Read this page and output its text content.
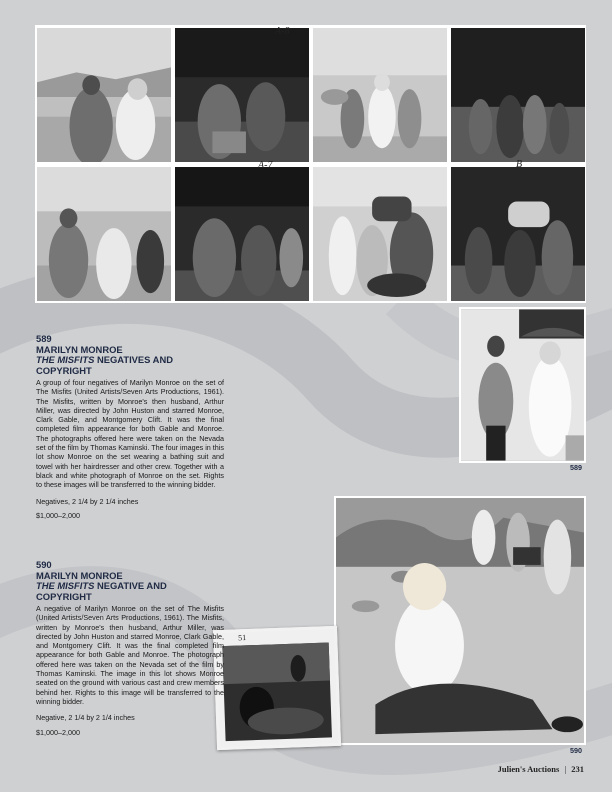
A-8
A-7	B
589
590
51
589
MARILYN MONROE
THE MISFITS NEGATIVES AND COPYRIGHT
A group of four negatives of Marilyn Monroe on the set of The Misfits (United Artists/Seven Arts Productions, 1961). The Misfits, written by Monroe's then husband, Arthur Miller, was directed by John Huston and starred Monroe, Clark Gable, and Montgomery Clift. It was the final completed film appearance for both Gable and Monroe. The photographs offered here were taken on the Nevada set of the film by Thomas Kaminski. The four images in this lot show Monroe on the set wearing a bathing suit and towel with her hairdresser and other crew. Together with a black and white photograph of Monroe on the set. Rights to these images will be transferred to the winning bidder.
Negatives, 2 1/4 by 2 1/4 inches
$1,000–2,000
590
MARILYN MONROE
THE MISFITS NEGATIVE AND COPYRIGHT
A negative of Marilyn Monroe on the set of The Misfits (United Artists/Seven Arts Productions, 1961). The Misfits, written by Monroe's then husband, Arthur Miller, was directed by John Huston and starred Monroe, Clark Gable, and Montgomery Clift. It was the final completed film appearance for both Gable and Monroe. The photograph offered here was taken on the Nevada set of the film by Thomas Kaminski. The image in this lot shows Monroe seated on the ground with various cast and crew members behind her. Rights to this image will be transferred to the winning bidder.
Negative, 2 1/4 by 2 1/4 inches
$1,000–2,000
Julien's Auctions | 231
